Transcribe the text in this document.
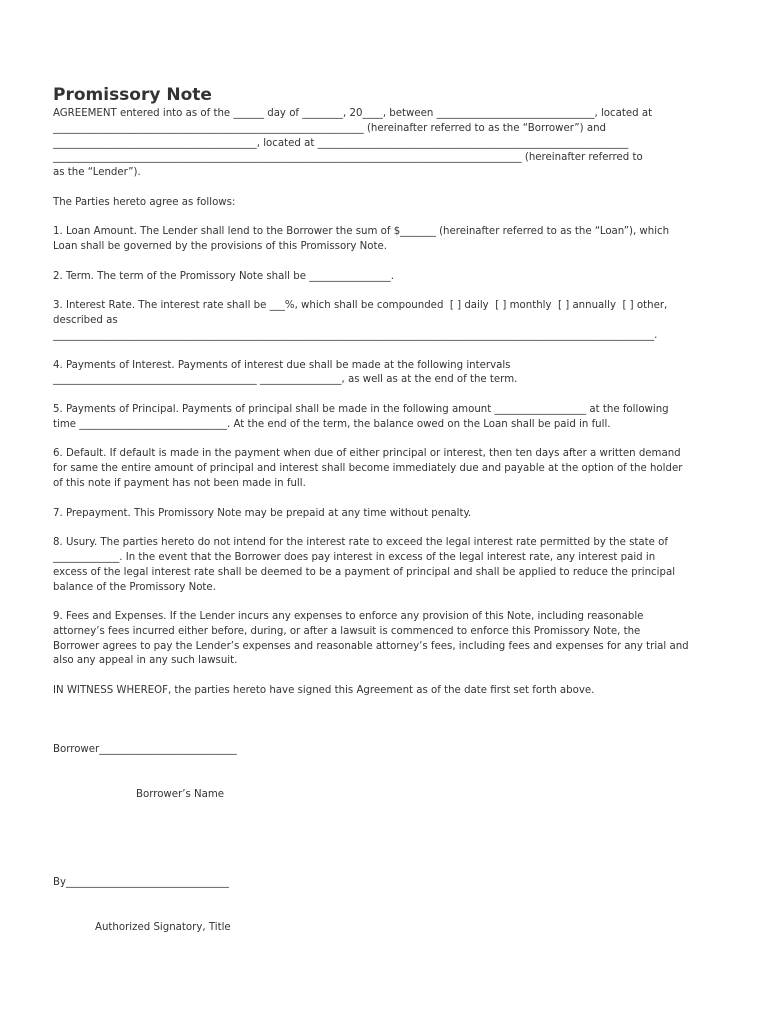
Promissory Note
AGREEMENT entered into as of the ______ day of ________, 20____, between _______________________________, located at
_____________________________________________________________ (hereinafter referred to as the “Borrower”) and
________________________________________, located at _____________________________________________________________
____________________________________________________________________________________________ (hereinafter referred to
as the “Lender”).
The Parties hereto agree as follows:
1. Loan Amount. The Lender shall lend to the Borrower the sum of $_______ (hereinafter referred to as the “Loan”), which
Loan shall be governed by the provisions of this Promissory Note.
2. Term. The term of the Promissory Note shall be ________________.
3. Interest Rate. The interest rate shall be ___%, which shall be compounded  [ ] daily  [ ] monthly  [ ] annually  [ ] other,
described as
______________________________________________________________________________________________________________________.
4. Payments of Interest. Payments of interest due shall be made at the following intervals
________________________________________ ________________, as well as at the end of the term.
5. Payments of Principal. Payments of principal shall be made in the following amount __________________ at the following
time _____________________________. At the end of the term, the balance owed on the Loan shall be paid in full.
6. Default. If default is made in the payment when due of either principal or interest, then ten days after a written demand
for same the entire amount of principal and interest shall become immediately due and payable at the option of the holder
of this note if payment has not been made in full.
7. Prepayment. This Promissory Note may be prepaid at any time without penalty.
8. Usury. The parties hereto do not intend for the interest rate to exceed the legal interest rate permitted by the state of
_____________. In the event that the Borrower does pay interest in excess of the legal interest rate, any interest paid in
excess of the legal interest rate shall be deemed to be a payment of principal and shall be applied to reduce the principal
balance of the Promissory Note.
9. Fees and Expenses. If the Lender incurs any expenses to enforce any provision of this Note, including reasonable
attorney’s fees incurred either before, during, or after a lawsuit is commenced to enforce this Promissory Note, the
Borrower agrees to pay the Lender’s expenses and reasonable attorney’s fees, including fees and expenses for any trial and
also any appeal in any such lawsuit.
IN WITNESS WHEREOF, the parties hereto have signed this Agreement as of the date first set forth above.

Borrower___________________________

Borrower’s Name

By________________________________

Authorized Signatory, Title
